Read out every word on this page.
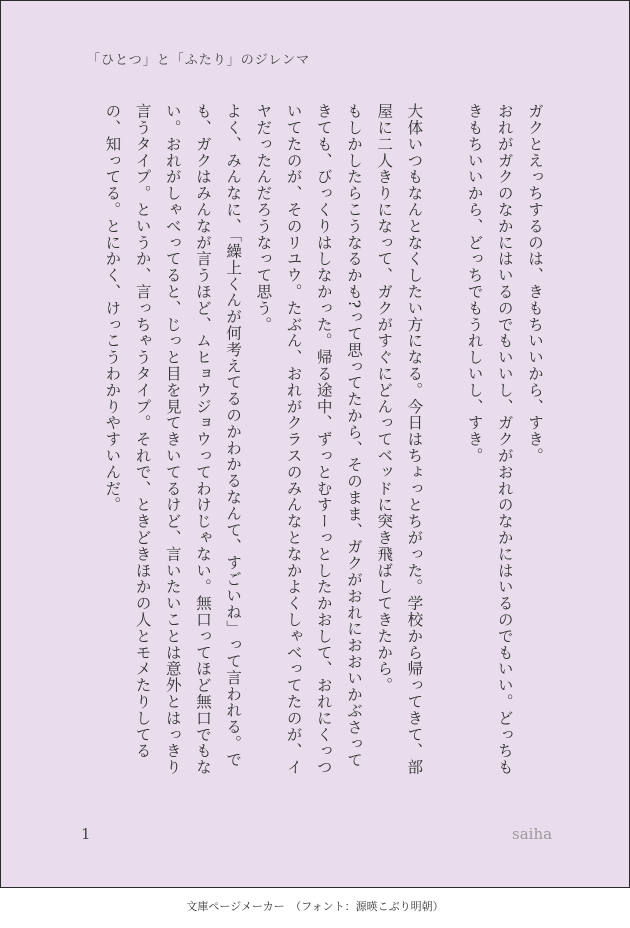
「ひとつ」と「ふたり」のジレンマ

ガクとえっちするのは、きもちいいから、すき。

おれがガクのなかにはいるのでもいいし、ガクがおれのなかにはいるのでもいい。どっちもきもちいいから、どっちでもうれしいし、すき。

大体いつもなんとなくしたい方になる。今日はちょっとちがった。学校から帰ってきて、部屋に二人きりになって、ガクがすぐにどんってベッドに突き飛ばしてきたから。

もしかしたらこうなるかも?って思ってたから、そのまま、ガクがおれにおおいかぶさってきても、びっくりはしなかった。帰る途中、ずっとむすーっとしたかおして、おれにくっついてたのが、そのリユウ。たぶん、おれがクラスのみんなとなかよくしゃべってたのが、イヤだったんだろうなって思う。

よく、みんなに、「繰上くんが何考えてるのかわかるなんて、すごいね」って言われる。でも、ガクはみんなが言うほど、ムヒョウジョウってわけじゃない。無口ってほど無口でもない。おれがしゃべってると、じっと目を見てきいてるけど、言いたいことは意外とはっきり言うタイプ。というか、言っちゃうタイプ。それで、ときどきほかの人とモメたりしてるの、知ってる。とにかく、けっこうわかりやすいんだ。

1	saiha
文庫ページメーカー　（フォント：源暎こぶり明朝）
